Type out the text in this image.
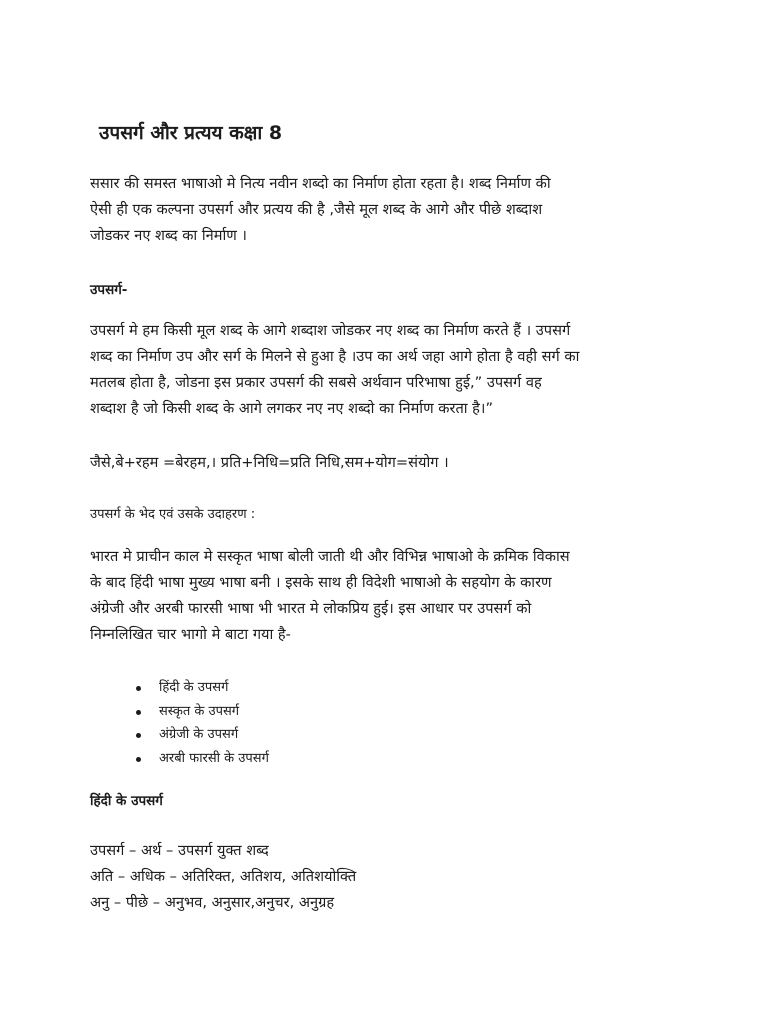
उपसर्ग और प्रत्यय कक्षा 8

ससार की समस्त भाषाओ मे नित्य नवीन शब्दो का निर्माण होता रहता है। शब्द निर्माण की
ऐसी ही एक कल्पना उपसर्ग और प्रत्यय की है ,जैसे मूल शब्द के आगे और पीछे शब्दाश
जोडकर नए शब्द का निर्माण ।

उपसर्ग-

उपसर्ग मे हम किसी मूल शब्द के आगे शब्दाश जोडकर नए शब्द का निर्माण करते हैं । उपसर्ग
शब्द का निर्माण उप और सर्ग के मिलने से हुआ है ।उप का अर्थ जहा आगे होता है वही सर्ग का
मतलब होता है, जोडना इस प्रकार उपसर्ग की सबसे अर्थवान परिभाषा हुई,” उपसर्ग वह
शब्दाश है जो किसी शब्द के आगे लगकर नए नए शब्दो का निर्माण करता है।”

जैसे,बे+रहम =बेरहम,। प्रति+निधि=प्रति निधि,सम+योग=संयोग ।

उपसर्ग के भेद एवं उसके उदाहरण :

भारत मे प्राचीन काल मे सस्कृत भाषा बोली जाती थी और विभिन्न भाषाओ के क्रमिक विकास
के बाद हिंदी भाषा मुख्य भाषा बनी । इसके साथ ही विदेशी भाषाओ के सहयोग के कारण
अंग्रेजी और अरबी फारसी भाषा भी भारत मे लोकप्रिय हुई। इस आधार पर उपसर्ग को
निम्नलिखित चार भागो मे बाटा गया है-

हिंदी के उपसर्ग
सस्कृत के उपसर्ग
अंग्रेजी के उपसर्ग
अरबी फारसी के उपसर्ग
हिंदी के उपसर्ग

उपसर्ग – अर्थ – उपसर्ग युक्त शब्द
अति – अधिक – अतिरिक्त, अतिशय, अतिशयोक्ति
अनु – पीछे – अनुभव, अनुसार,अनुचर, अनुग्रह
